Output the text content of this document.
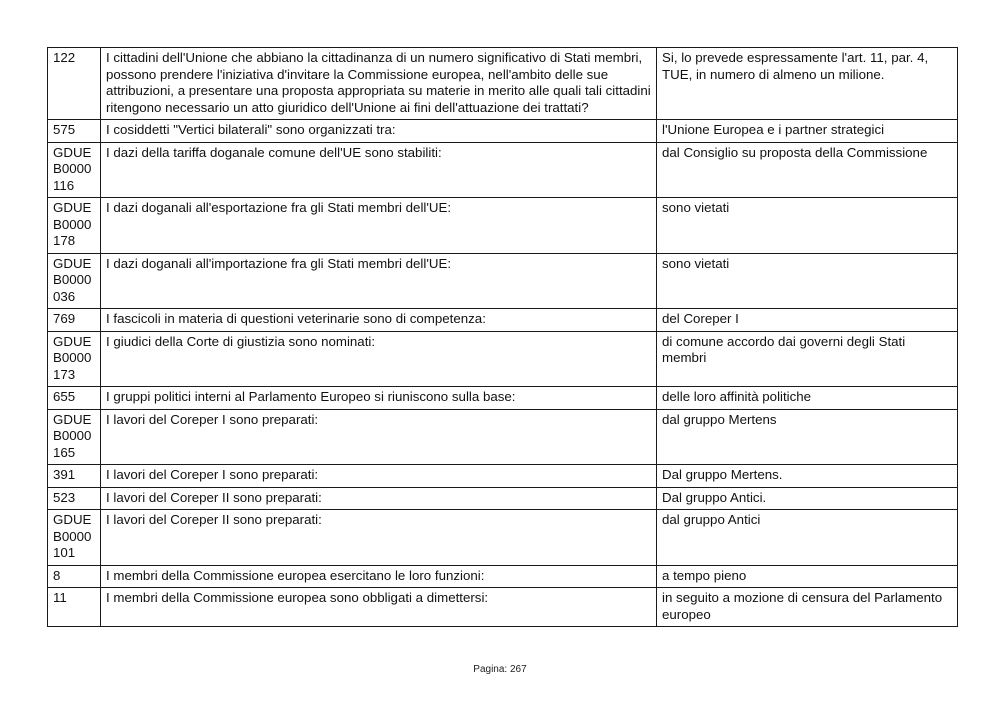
122	I cittadini dell'Unione che abbiano la cittadinanza di un numero significativo di Stati membri, possono prendere l'iniziativa d'invitare la Commissione europea, nell'ambito delle sue attribuzioni, a presentare una proposta appropriata su materie in merito alle quali tali cittadini ritengono necessario un atto giuridico dell'Unione ai fini dell'attuazione dei trattati?	Si, lo prevede espressamente l'art. 11, par. 4, TUE, in numero di almeno un milione.
575	I cosiddetti "Vertici bilaterali" sono organizzati tra:	l'Unione Europea e i partner strategici
GDUE B0000 116	I dazi della tariffa doganale comune dell'UE sono stabiliti:	dal Consiglio su proposta della Commissione
GDUE B0000 178	I dazi doganali all'esportazione fra gli Stati membri dell'UE:	sono vietati
GDUE B0000 036	I dazi doganali all'importazione fra gli Stati membri dell'UE:	sono vietati
769	I fascicoli in materia di questioni veterinarie sono di competenza:	del Coreper I
GDUE B0000 173	I giudici della Corte di giustizia sono nominati:	di comune accordo dai governi degli Stati membri
655	I gruppi politici interni al Parlamento Europeo si riuniscono sulla base:	delle loro affinità politiche
GDUE B0000 165	I lavori del Coreper I sono preparati:	dal gruppo Mertens
391	I lavori del Coreper I sono preparati:	Dal gruppo Mertens.
523	I lavori del Coreper II sono preparati:	Dal gruppo Antici.
GDUE B0000 101	I lavori del Coreper II sono preparati:	dal gruppo Antici
8	I membri della Commissione europea esercitano le loro funzioni:	a tempo pieno
11	I membri della Commissione europea sono obbligati a dimettersi:	in seguito a mozione di censura del Parlamento europeo
Pagina: 267
